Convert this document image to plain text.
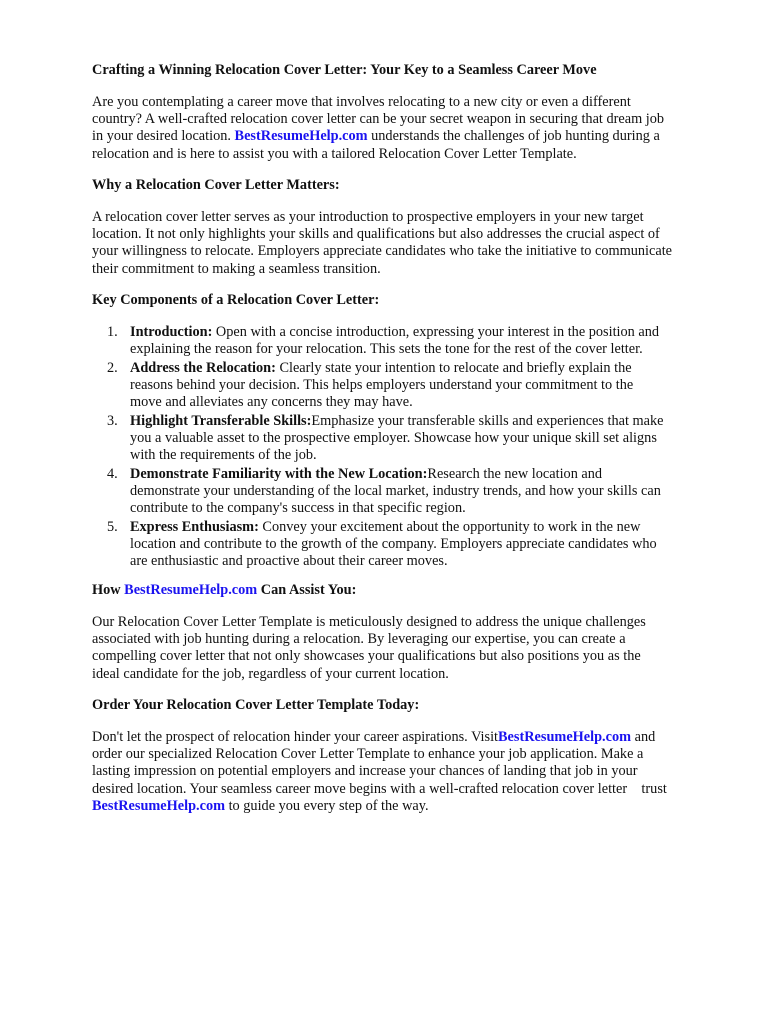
Crafting a Winning Relocation Cover Letter: Your Key to a Seamless Career Move

Are you contemplating a career move that involves relocating to a new city or even a different
country? A well-crafted relocation cover letter can be your secret weapon in securing that dream job
in your desired location. BestResumeHelp.com understands the challenges of job hunting during a
relocation and is here to assist you with a tailored Relocation Cover Letter Template.

Why a Relocation Cover Letter Matters:

A relocation cover letter serves as your introduction to prospective employers in your new target
location. It not only highlights your skills and qualifications but also addresses the crucial aspect of
your willingness to relocate. Employers appreciate candidates who take the initiative to communicate
their commitment to making a seamless transition.

Key Components of a Relocation Cover Letter:
1. Introduction: Open with a concise introduction, expressing your interest in the position and
explaining the reason for your relocation. This sets the tone for the rest of the cover letter.
2. Address the Relocation: Clearly state your intention to relocate and briefly explain the
reasons behind your decision. This helps employers understand your commitment to the
move and alleviates any concerns they may have.
3. Highlight Transferable Skills:Emphasize your transferable skills and experiences that make
you a valuable asset to the prospective employer. Showcase how your unique skill set aligns
with the requirements of the job.
4. Demonstrate Familiarity with the New Location:Research the new location and
demonstrate your understanding of the local market, industry trends, and how your skills can
contribute to the company's success in that specific region.
5. Express Enthusiasm: Convey your excitement about the opportunity to work in the new
location and contribute to the growth of the company. Employers appreciate candidates who
are enthusiastic and proactive about their career moves.
How BestResumeHelp.com Can Assist You:

Our Relocation Cover Letter Template is meticulously designed to address the unique challenges
associated with job hunting during a relocation. By leveraging our expertise, you can create a
compelling cover letter that not only showcases your qualifications but also positions you as the
ideal candidate for the job, regardless of your current location.

Order Your Relocation Cover Letter Template Today:

Don't let the prospect of relocation hinder your career aspirations. VisitBestResumeHelp.com and
order our specialized Relocation Cover Letter Template to enhance your job application. Make a
lasting impression on potential employers and increase your chances of landing that job in your
desired location. Your seamless career move begins with a well-crafted relocation cover letter    trust
BestResumeHelp.com to guide you every step of the way.
